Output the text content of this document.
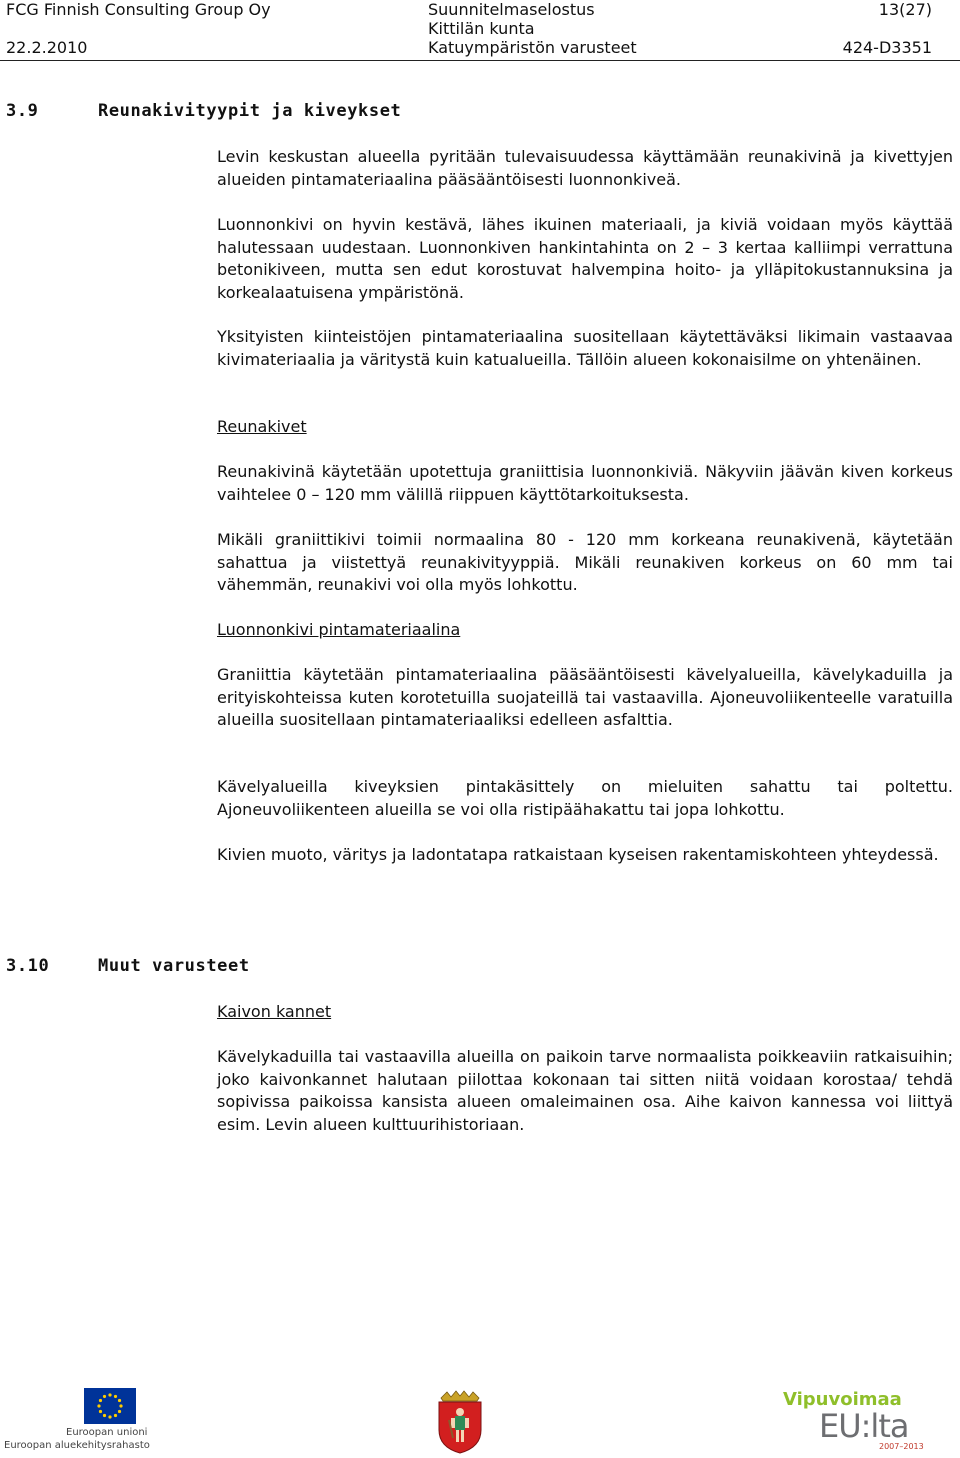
FCG Finnish Consulting Group Oy
22.2.2010
Suunnitelmaselostus
Kittilän kunta
Katuympäristön varusteet
13(27)
424-D3351
3.9	Reunakivityypit ja kiveykset
Levin keskustan alueella pyritään tulevaisuudessa käyttämään reunakivinä ja kivettyjen alueiden pintamateriaalina pääsääntöisesti luonnonkiveä.
Luonnonkivi on hyvin kestävä, lähes ikuinen materiaali, ja kiviä voidaan myös käyttää halutessaan uudestaan. Luonnonkiven hankintahinta on 2 – 3 kertaa kalliimpi verrattuna betonikiveen, mutta sen edut korostuvat halvempina hoito- ja ylläpitokustannuksina ja korkealaatuisena ympäristönä.
Yksityisten kiinteistöjen pintamateriaalina suositellaan käytettäväksi likimain vastaavaa kivimateriaalia ja väritystä kuin katualueilla. Tällöin alueen kokonaisilme on yhtenäinen.
Reunakivet
Reunakivinä käytetään upotettuja graniittisia luonnonkiviä. Näkyviin jäävän kiven korkeus vaihtelee 0 – 120 mm välillä riippuen käyttötarkoituksesta.
Mikäli graniittikivi toimii normaalina 80 - 120 mm korkeana reunakivenä, käytetään sahattua ja viistettyä reunakivityyppiä. Mikäli reunakiven korkeus on 60 mm tai vähemmän, reunakivi voi olla myös lohkottu.
Luonnonkivi pintamateriaalina
Graniittia käytetään pintamateriaalina pääsääntöisesti kävelyalueilla, kävelykaduilla ja erityiskohteissa kuten korotetuilla suojateillä tai vastaavilla. Ajoneuvoliikenteelle varatuilla alueilla suositellaan pintamateriaaliksi edelleen asfalttia.
Kävelyalueilla kiveyksien pintakäsittely on mieluiten sahattu tai poltettu. Ajoneuvoliikenteen alueilla se voi olla ristipäähakattu tai jopa lohkottu.
Kivien muoto, väritys ja ladontatapa ratkaistaan kyseisen rakentamiskohteen yhteydessä.
3.10	Muut varusteet
Kaivon kannet
Kävelykaduilla tai vastaavilla alueilla on paikoin tarve normaalista poikkeaviin ratkaisuihin; joko kaivonkannet halutaan piilottaa kokonaan tai sitten niitä voidaan korostaa/ tehdä sopivissa paikoissa kansista alueen omaleimainen osa. Aihe kaivon kannessa voi liittyä esim. Levin alueen kulttuurihistoriaan.
Euroopan unioni
Euroopan aluekehitysrahasto
Vipuvoimaa
EU:lta
2007–2013
